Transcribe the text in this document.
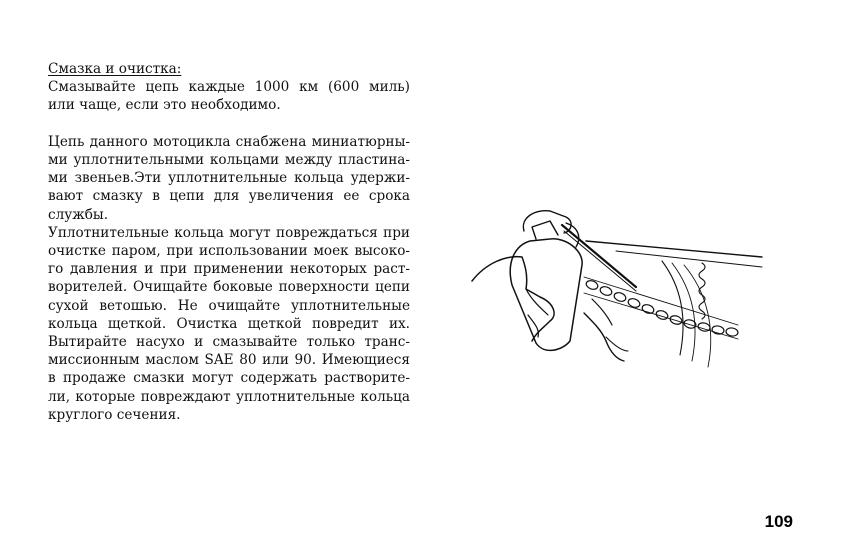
Смазка и очистка:
Смазывайте цепь каждые 1000 км (600 миль)
или чаще, если это необходимо.
Цепь данного мотоцикла снабжена миниатюрны-
ми уплотнительными кольцами между пластина-
ми звеньев.Эти уплотнительные кольца удержи-
вают смазку в цепи для увеличения ее срока
службы.
Уплотнительные кольца могут повреждаться при
очистке паром, при использовании моек высоко-
го давления и при применении некоторых раст-
ворителей. Очищайте боковые поверхности цепи
сухой ветошью. Не очищайте уплотнительные
кольца щеткой. Очистка щеткой повредит их.
Вытирайте насухо и смазывайте только транс-
миссионным маслом SAE 80 или 90. Имеющиеся
в продаже смазки могут содержать растворите-
ли, которые повреждают уплотнительные кольца
круглого сечения.
109
